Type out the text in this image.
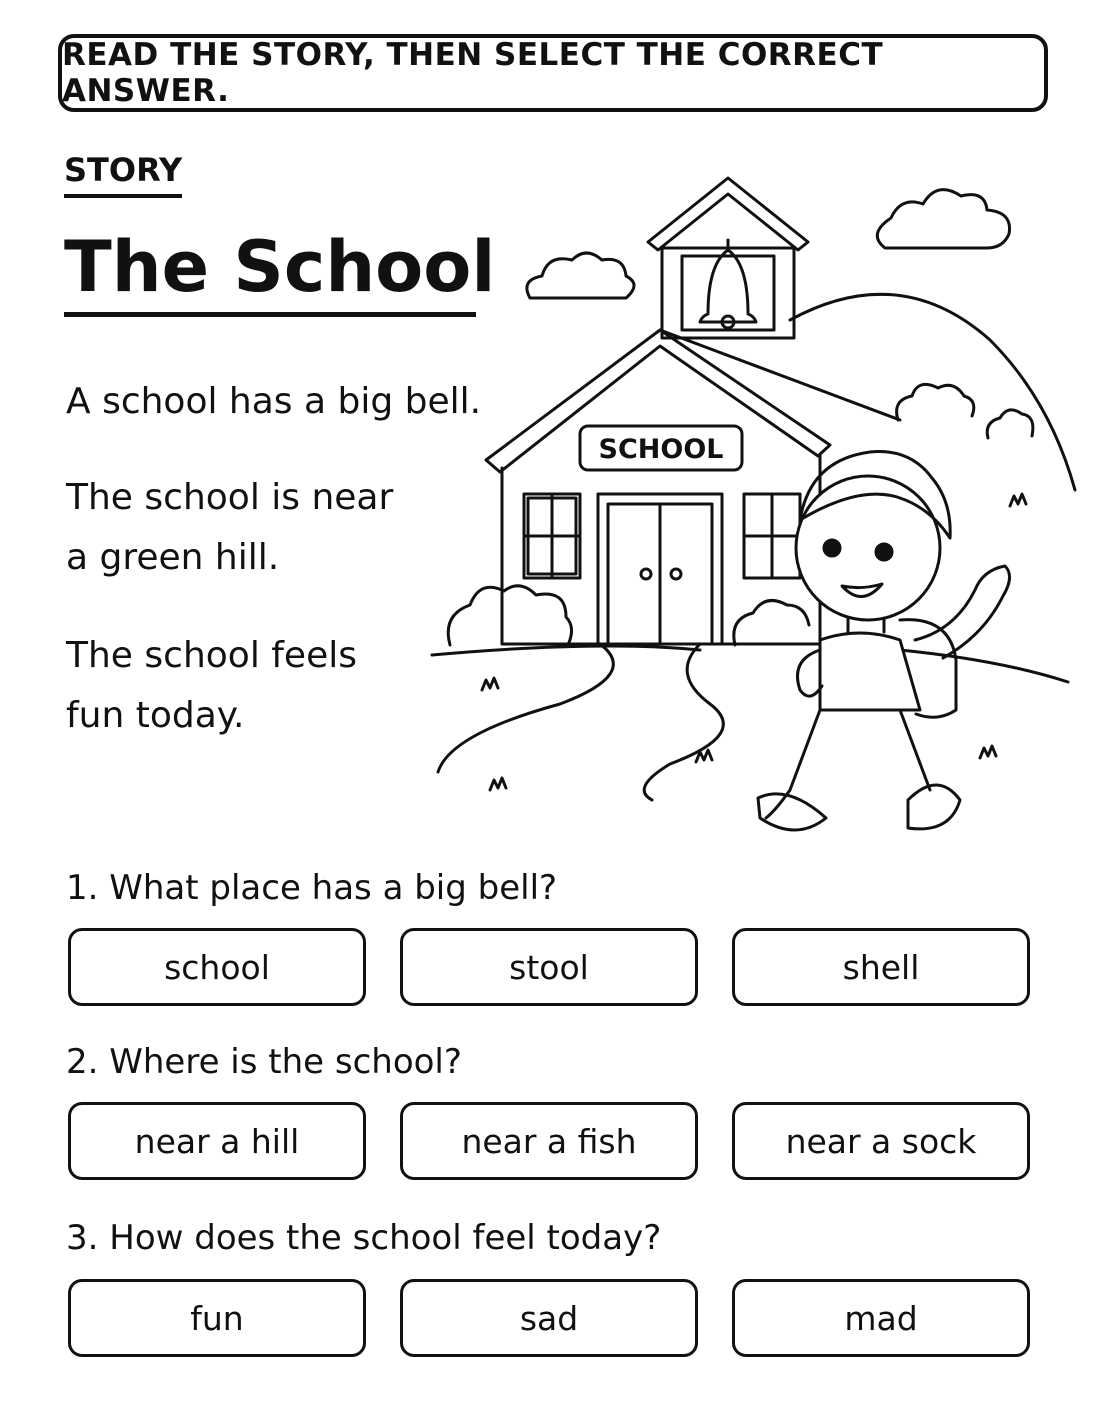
READ THE STORY, THEN SELECT THE CORRECT ANSWER.
STORY
The School
A school has a big bell.
The school is near a green hill.
The school feels fun today.
SCHOOL
1. What place has a big bell?
school	stool	shell
2. Where is the school?
near a hill	near a fish	near a sock
3. How does the school feel today?
fun	sad	mad
